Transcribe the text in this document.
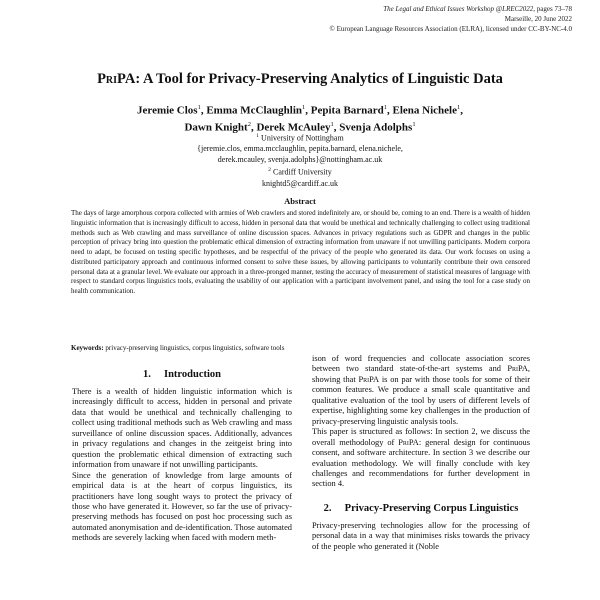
The Legal and Ethical Issues Workshop @LREC2022, pages 73–78
Marseille, 20 June 2022
© European Language Resources Association (ELRA), licensed under CC-BY-NC-4.0
PriPA: A Tool for Privacy-Preserving Analytics of Linguistic Data
Jeremie Clos$^1$, Emma McClaughlin$^1$, Pepita Barnard$^1$, Elena Nichele$^1$,
Dawn Knight$^2$, Derek McAuley$^1$, Svenja Adolphs$^1$
$^1$ University of Nottingham
{jeremie.clos, emma.mcclaughlin, pepita.barnard, elena.nichele,
derek.mcauley, svenja.adolphs}@nottingham.ac.uk
$^2$ Cardiff University
knightd5@cardiff.ac.uk
Abstract

The days of large amorphous corpora collected with armies of Web crawlers and stored indefinitely are, or should be, coming to an end. There is a wealth of hidden linguistic information that is increasingly difficult to access, hidden in personal data that would be unethical and technically challenging to collect using traditional methods such as Web crawling and mass surveillance of online discussion spaces. Advances in privacy regulations such as GDPR and changes in the public perception of privacy bring into question the problematic ethical dimension of extracting information from unaware if not unwilling participants. Modern corpora need to adapt, be focused on testing specific hypotheses, and be respectful of the privacy of the people who generated its data. Our work focuses on using a distributed participatory approach and continuous informed consent to solve these issues, by allowing participants to voluntarily contribute their own censored personal data at a granular level. We evaluate our approach in a three-pronged manner, testing the accuracy of measurement of statistical measures of language with respect to standard corpus linguistics tools, evaluating the usability of our application with a participant involvement panel, and using the tool for a case study on health communication.

Keywords: privacy-preserving linguistics, corpus linguistics, software tools
1.     Introduction

There is a wealth of hidden linguistic information which is increasingly difficult to access, hidden in personal and private data that would be unethical and technically challenging to collect using traditional methods such as Web crawling and mass surveillance of online discussion spaces. Additionally, advances in privacy regulations and changes in the zeitgeist bring into question the problematic ethical dimension of extracting such information from unaware if not unwilling participants.

Since the generation of knowledge from large amounts of empirical data is at the heart of corpus linguistics, its practitioners have long sought ways to protect the privacy of those who have generated it. However, so far the use of privacy-preserving methods has focused on post hoc processing such as automated anonymisation and de-identification. Those automated methods are severely lacking when faced with modern meth-

ison of word frequencies and collocate association scores between two standard state-of-the-art systems and PriPA, showing that PriPA is on par with those tools for some of their common features. We produce a small scale quantitative and qualitative evaluation of the tool by users of different levels of expertise, highlighting some key challenges in the production of privacy-preserving linguistic analysis tools.

This paper is structured as follows: In section 2, we discuss the overall methodology of PriPA: general design for continuous consent, and software architecture. In section 3 we describe our evaluation methodology. We will finally conclude with key challenges and recommendations for further development in section 4.

2.     Privacy-Preserving Corpus Linguistics

Privacy-preserving technologies allow for the processing of personal data in a way that minimises risks towards the privacy of the people who generated it (Noble
